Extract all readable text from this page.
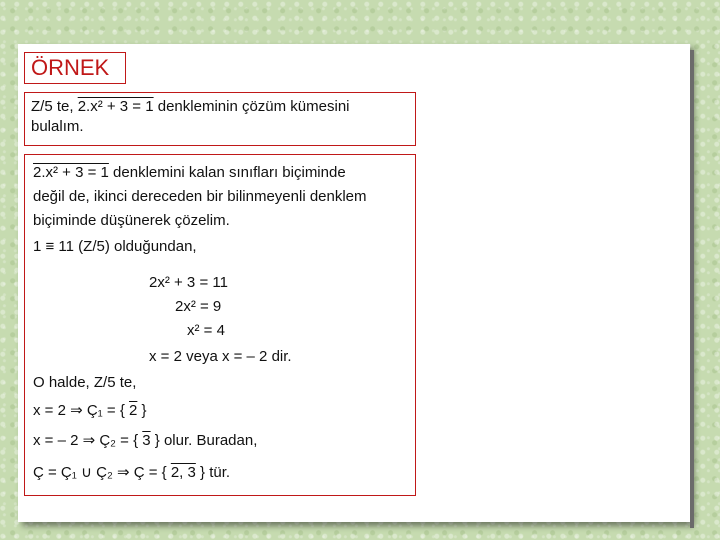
ÖRNEK
Z/5 te, 2.x² + 3 = 1 denkleminin çözüm kümesini
bulalım.
2.x² + 3 = 1 denklemini kalan sınıfları biçiminde
değil de, ikinci dereceden bir bilinmeyenli denklem
biçiminde düşünerek çözelim.
1 ≡ 11 (Z/5) olduğundan,
2x² + 3 = 11
2x² = 9
x² = 4
x = 2 veya x = – 2 dir.
O halde, Z/5 te,
x = 2 ⇒ Ç₁ = { 2 }
x = – 2 ⇒ Ç₂ = { 3 } olur. Buradan,
Ç = Ç₁ ∪ Ç₂ ⇒ Ç = { 2, 3 } tür.
